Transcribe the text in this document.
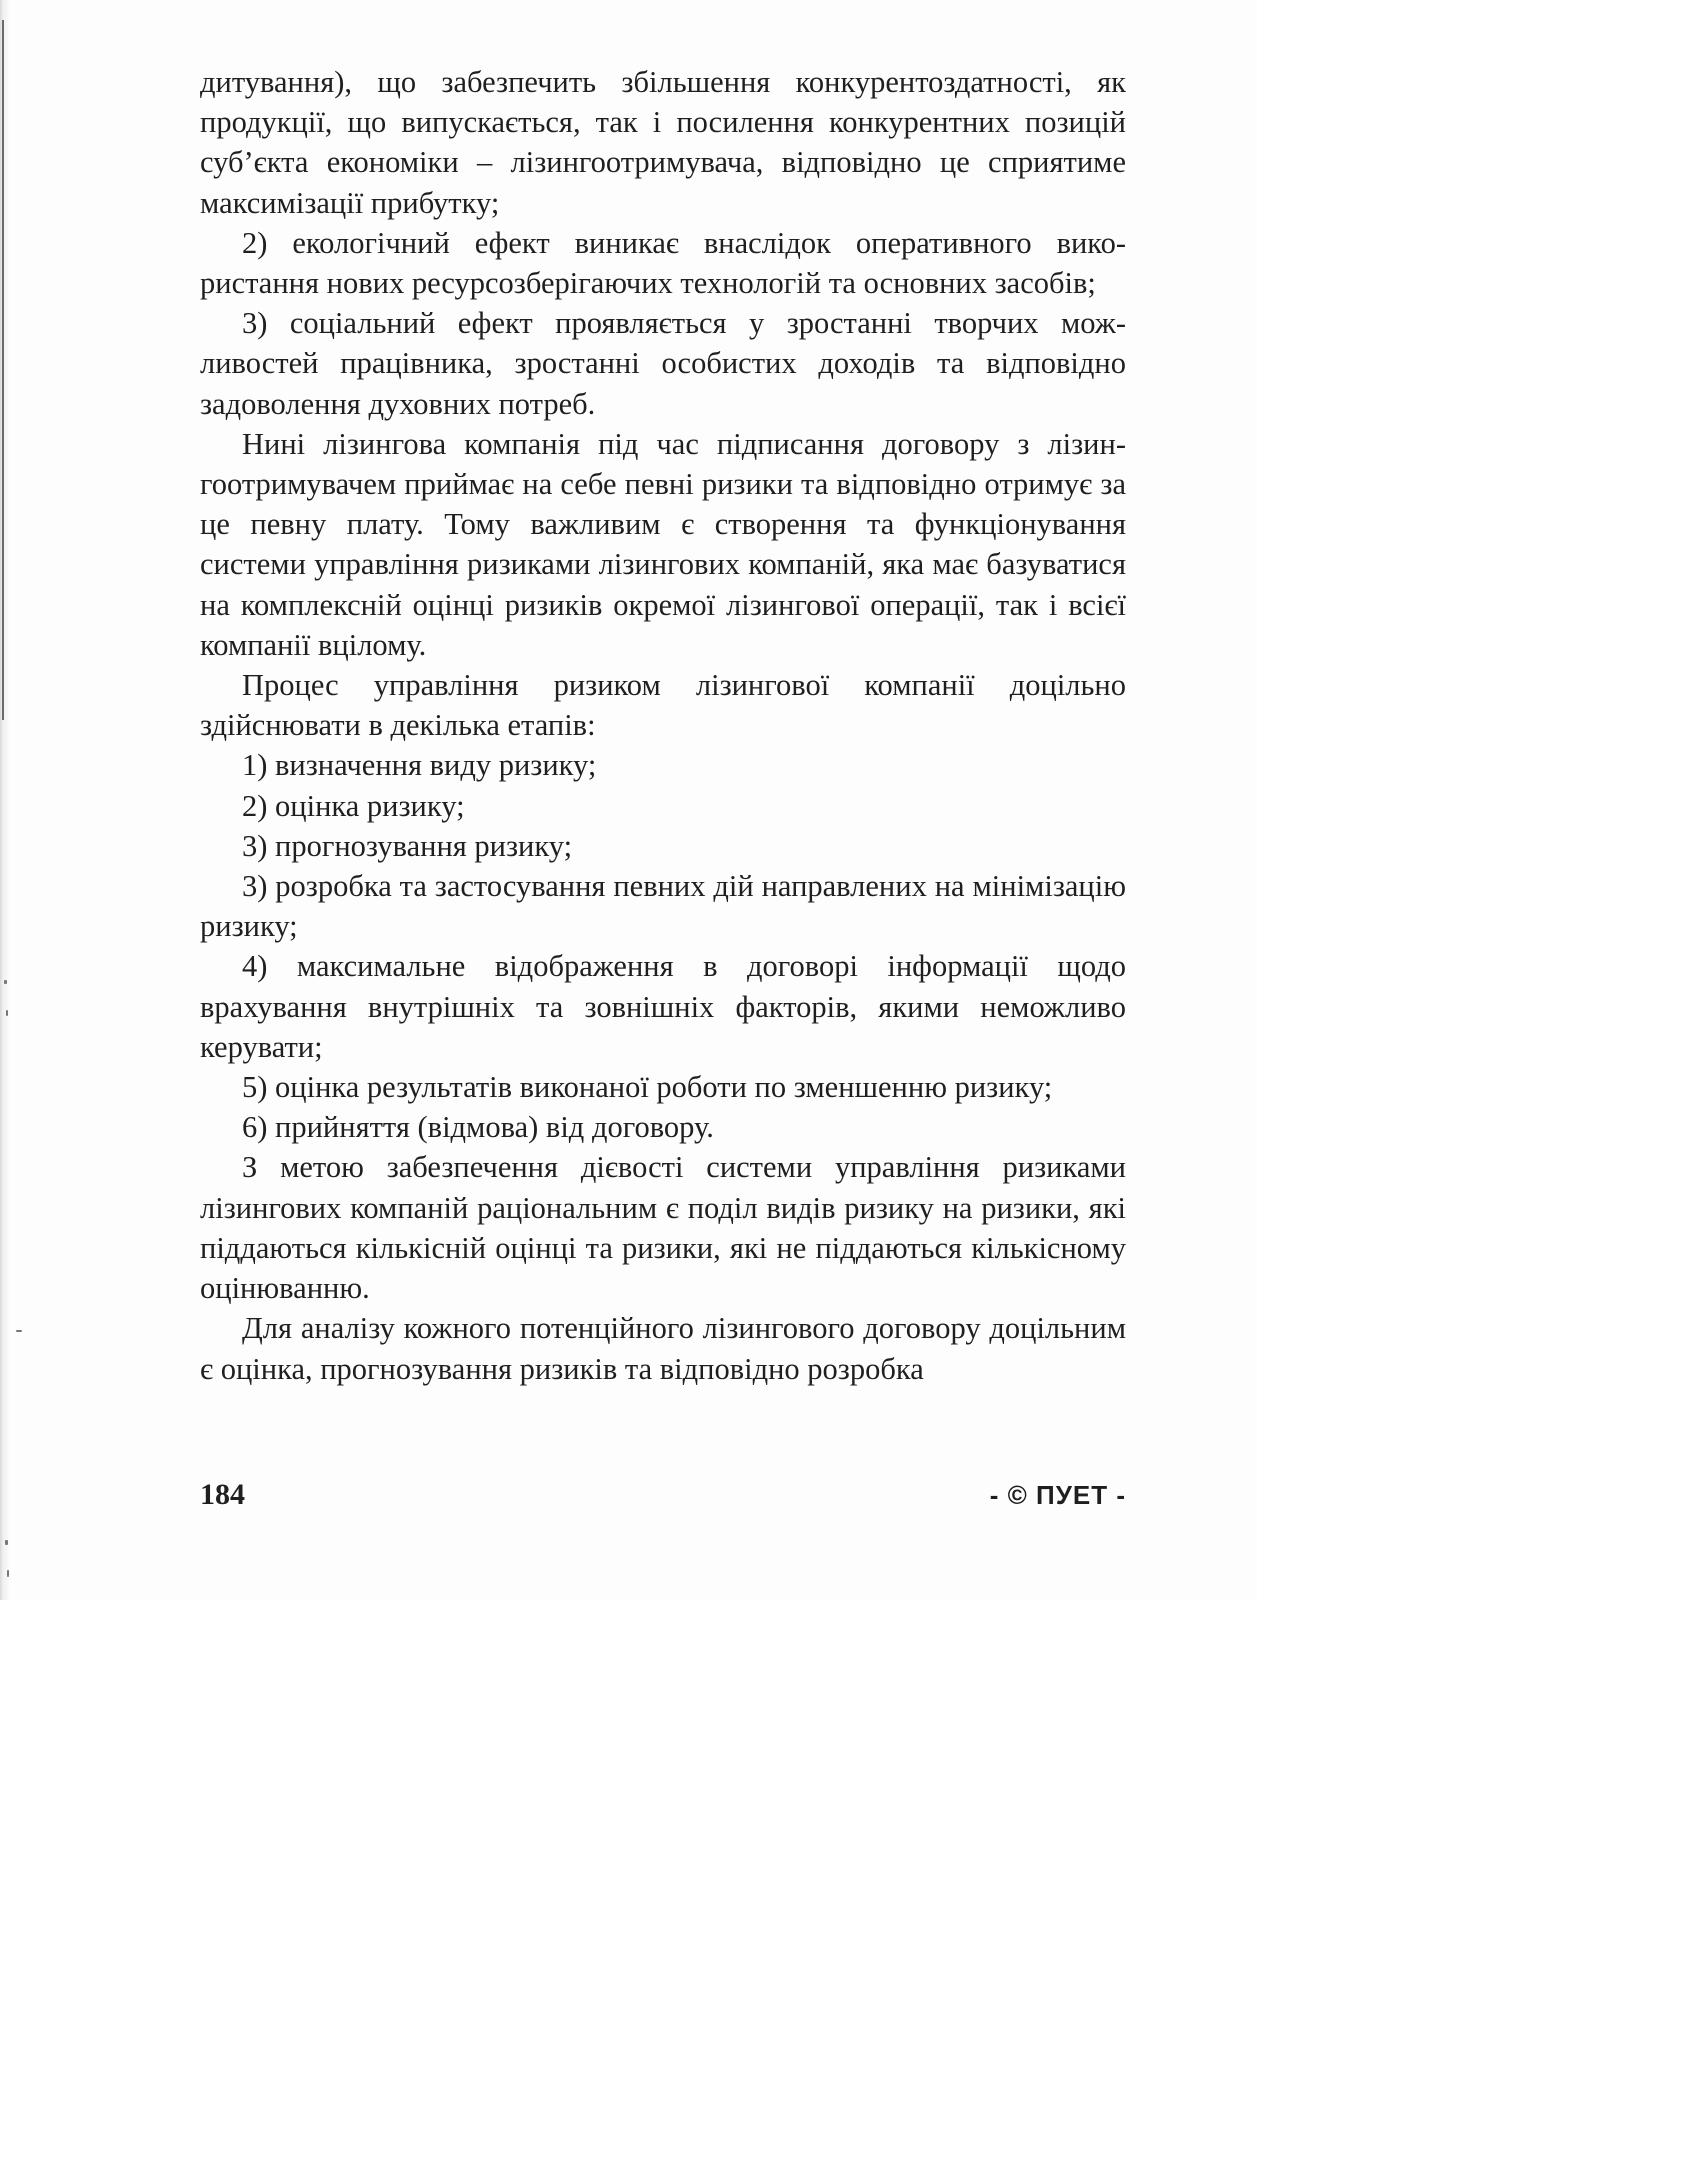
дитування), що забезпечить збільшення конкурентоздатності, як продукції, що випускається, так і посилення конкурентних позицій суб’єкта економіки – лізингоотримувача, відповідно це сприятиме максимізації прибутку;

2) екологічний ефект виникає внаслідок оперативного використання нових ресурсозберігаючих технологій та основних засобів;

3) соціальний ефект проявляється у зростанні творчих можливостей працівника, зростанні особистих доходів та відповідно задоволення духовних потреб.

Нині лізингова компанія під час підписання договору з лізингоотримувачем приймає на себе певні ризики та відповідно отримує за це певну плату. Тому важливим є створення та функціонування системи управління ризиками лізингових компаній, яка має базуватися на комплексній оцінці ризиків окремої лізингової операції, так і всієї компанії вцілому.

Процес управління ризиком лізингової компанії доцільно здійснювати в декілька етапів:

1) визначення виду ризику;

2) оцінка ризику;

3) прогнозування ризику;

3) розробка та застосування певних дій направлених на мінімізацію ризику;

4) максимальне відображення в договорі інформації щодо врахування внутрішніх та зовнішніх факторів, якими неможливо керувати;

5) оцінка результатів виконаної роботи по зменшенню ризику;

6) прийняття (відмова) від договору.

З метою забезпечення дієвості системи управління ризиками лізингових компаній раціональним є поділ видів ризику на ризики, які піддаються кількісній оцінці та ризики, які не піддаються кількісному оцінюванню.

Для аналізу кожного потенційного лізингового договору доцільним є оцінка, прогнозування ризиків та відповідно розробка

184	- © ПУЕТ -
